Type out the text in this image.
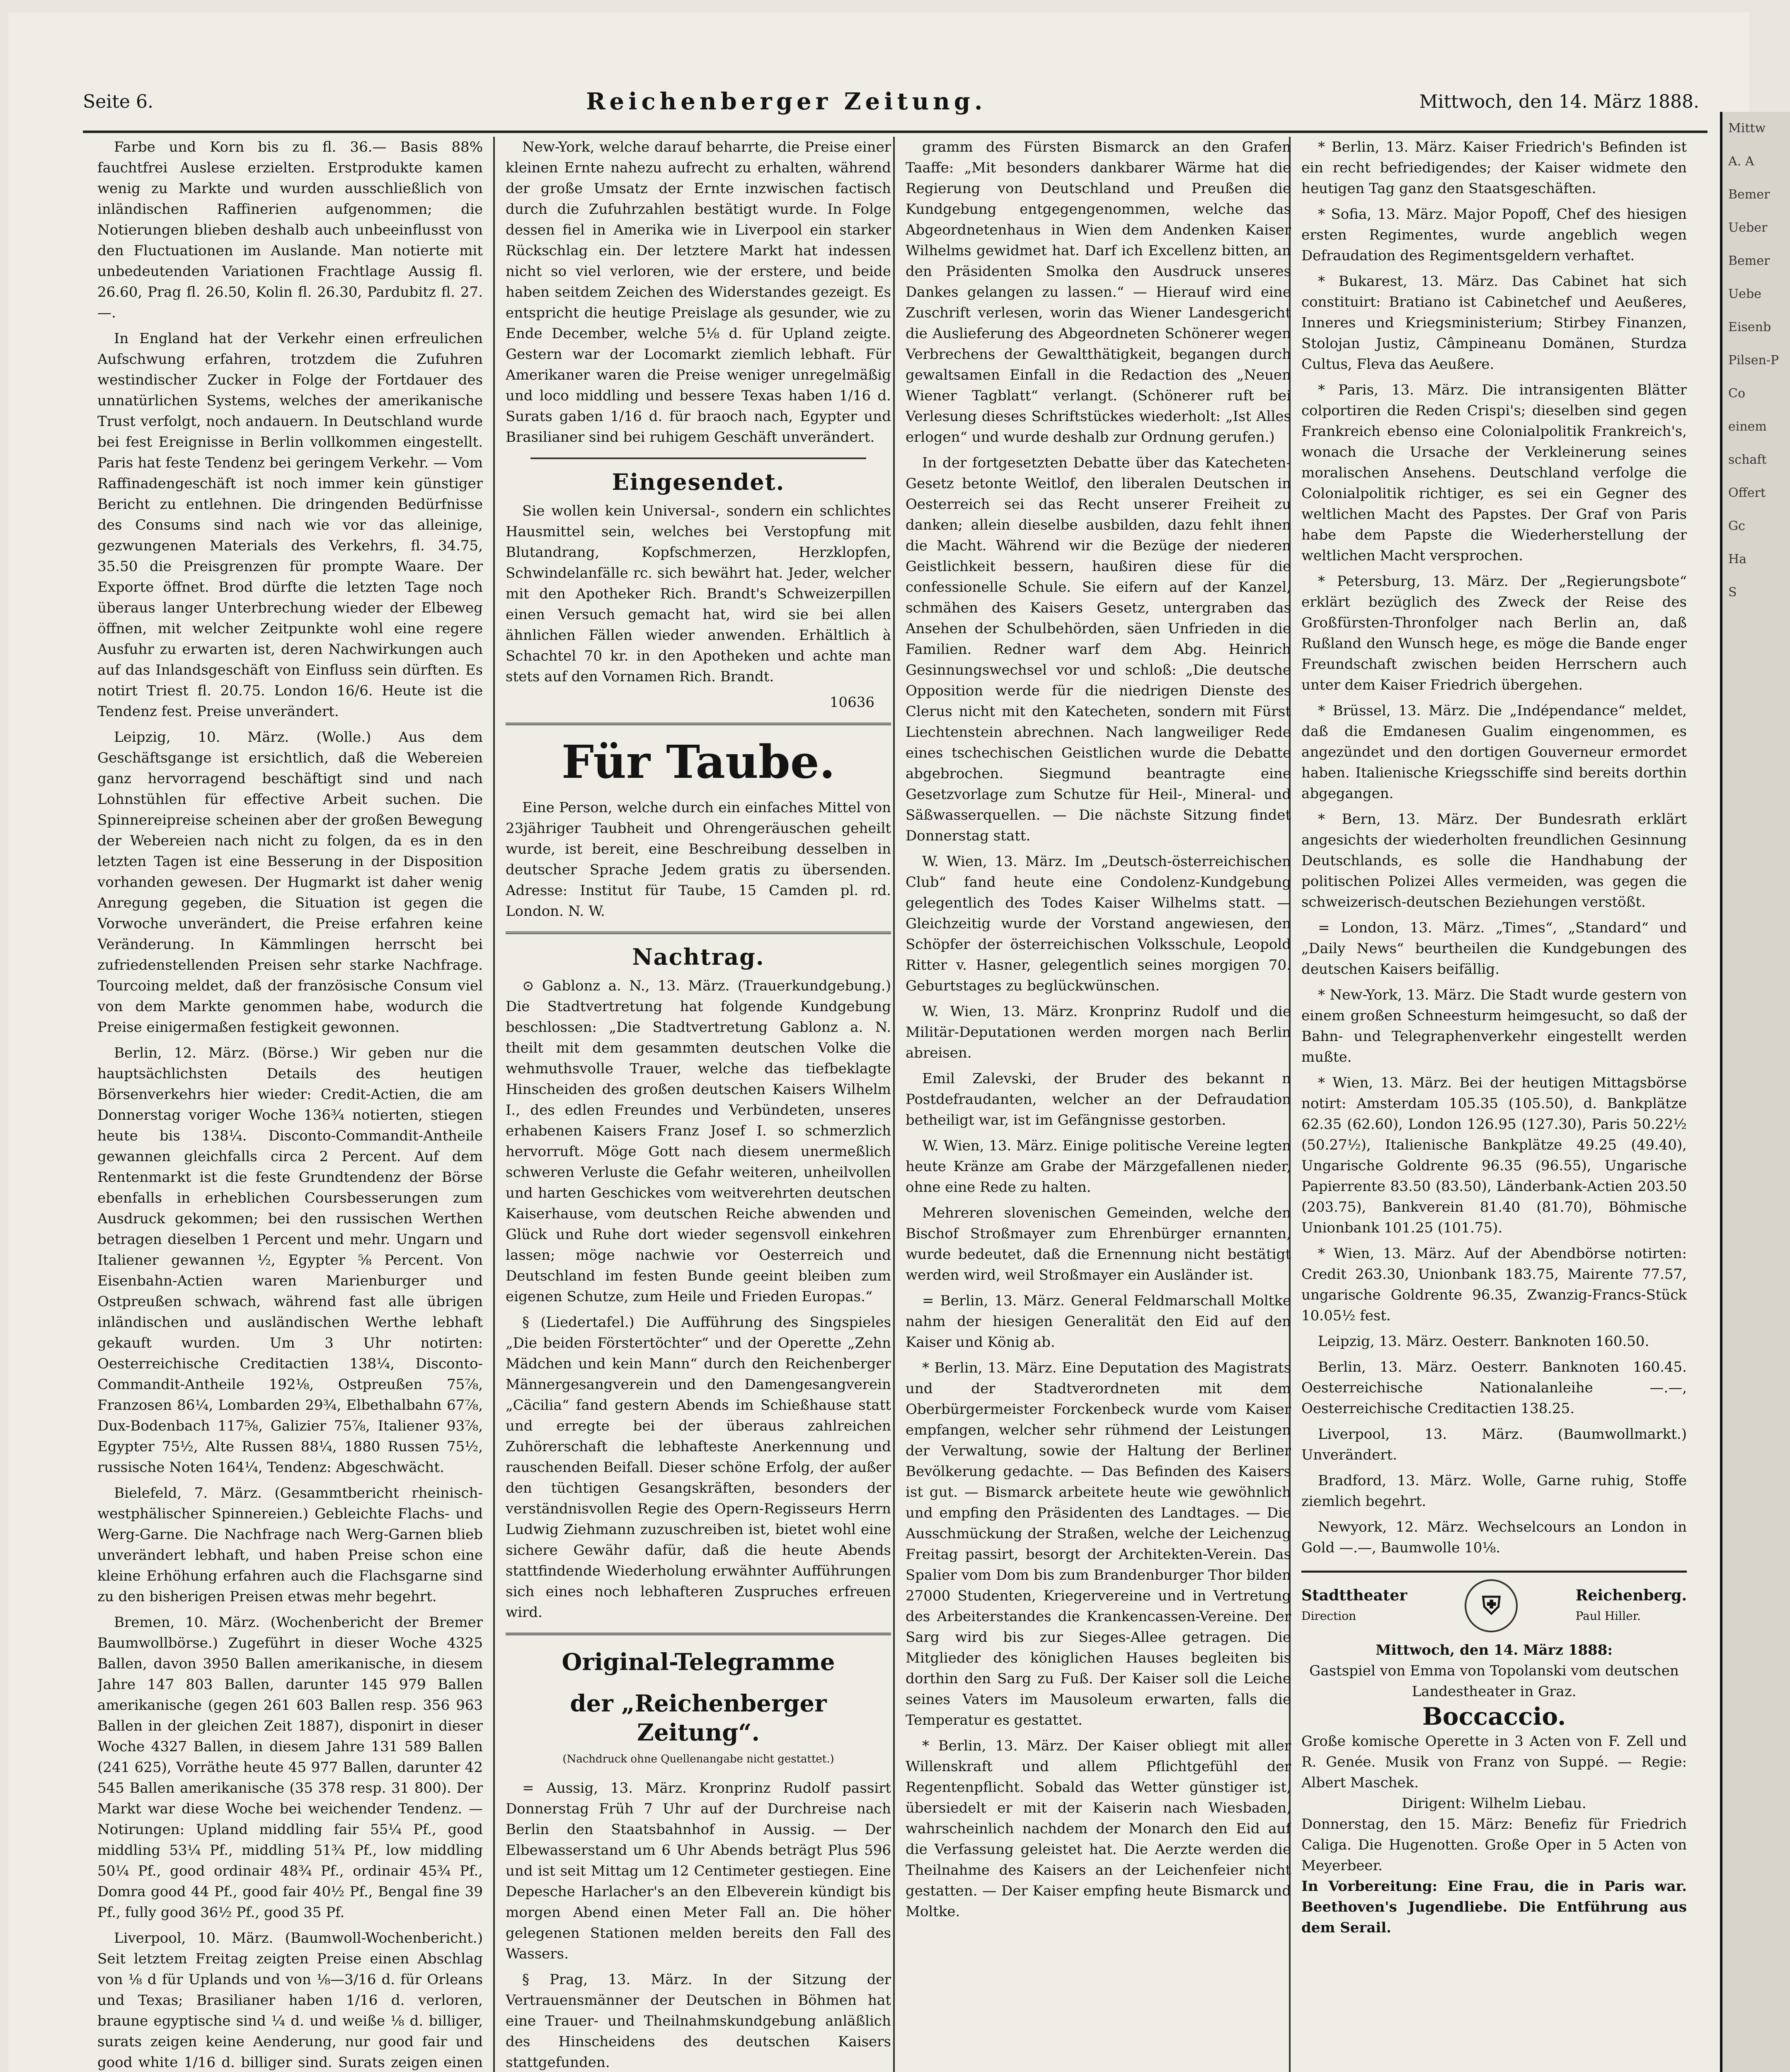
Seite 6.	Reichenberger Zeitung.	Mittwoch, den 14. März 1888.

Farbe und Korn bis zu fl. 36.— Basis 88% fauchtfrei Auslese erzielten. Erstprodukte kamen wenig zu Markte und wurden ausschließlich von inländischen Raffinerien aufgenommen; die Notierungen blieben deshalb auch unbeeinflusst von den Fluctuationen im Auslande. Man notierte mit unbedeutenden Variationen Frachtlage Aussig fl. 26.60, Prag fl. 26.50, Kolin fl. 26.30, Pardubitz fl. 27.—.

In England hat der Verkehr einen erfreulichen Aufschwung erfahren, trotzdem die Zufuhren westindischer Zucker in Folge der Fortdauer des unnatürlichen Systems, welches der amerikanische Trust verfolgt, noch andauern. In Deutschland wurde bei fest Ereignisse in Berlin vollkommen eingestellt. Paris hat feste Tendenz bei geringem Verkehr. — Vom Raffinadengeschäft ist noch immer kein günstiger Bericht zu entlehnen. Die dringenden Bedürfnisse des Consums sind nach wie vor das alleinige, gezwungenen Materials des Verkehrs, fl. 34.75, 35.50 die Preisgrenzen für prompte Waare. Der Exporte öffnet. Brod dürfte die letzten Tage noch überaus langer Unterbrechung wieder der Elbeweg öffnen, mit welcher Zeitpunkte wohl eine regere Ausfuhr zu erwarten ist, deren Nachwirkungen auch auf das Inlandsgeschäft von Einfluss sein dürften. Es notirt Triest fl. 20.75. London 16/6. Heute ist die Tendenz fest. Preise unverändert.

Leipzig, 10. März. (Wolle.) Aus dem Geschäftsgange ist ersichtlich, daß die Webereien ganz hervorragend beschäftigt sind und nach Lohnstühlen für effective Arbeit suchen. Die Spinnereipreise scheinen aber der großen Bewegung der Webereien nach nicht zu folgen, da es in den letzten Tagen ist eine Besserung in der Disposition vorhanden gewesen. Der Hugmarkt ist daher wenig Anregung gegeben, die Situation ist gegen die Vorwoche unverändert, die Preise erfahren keine Veränderung. In Kämmlingen herrscht bei zufriedenstellenden Preisen sehr starke Nachfrage. Tourcoing meldet, daß der französische Consum viel von dem Markte genommen habe, wodurch die Preise einigermaßen festigkeit gewonnen.

Berlin, 12. März. (Börse.) Wir geben nur die hauptsächlichsten Details des heutigen Börsenverkehrs hier wieder: Credit-Actien, die am Donnerstag voriger Woche 136¾ notierten, stiegen heute bis 138¼. Disconto-Commandit-Antheile gewannen gleichfalls circa 2 Percent. Auf dem Rentenmarkt ist die feste Grundtendenz der Börse ebenfalls in erheblichen Coursbesserungen zum Ausdruck gekommen; bei den russischen Werthen betragen dieselben 1 Percent und mehr. Ungarn und Italiener gewannen ½, Egypter ⅝ Percent. Von Eisenbahn-Actien waren Marienburger und Ostpreußen schwach, während fast alle übrigen inländischen und ausländischen Werthe lebhaft gekauft wurden. Um 3 Uhr notirten: Oesterreichische Creditactien 138¼, Disconto-Commandit-Antheile 192⅛, Ostpreußen 75⅞, Franzosen 86¼, Lombarden 29¾, Elbethalbahn 67⅞, Dux-Bodenbach 117⅝, Galizier 75⅞, Italiener 93⅞, Egypter 75½, Alte Russen 88¼, 1880 Russen 75½, russische Noten 164¼, Tendenz: Abgeschwächt.

Bielefeld, 7. März. (Gesammtbericht rheinisch-westphälischer Spinnereien.) Gebleichte Flachs- und Werg-Garne. Die Nachfrage nach Werg-Garnen blieb unverändert lebhaft, und haben Preise schon eine kleine Erhöhung erfahren auch die Flachsgarne sind zu den bisherigen Preisen etwas mehr begehrt.

Bremen, 10. März. (Wochenbericht der Bremer Baumwollbörse.) Zugeführt in dieser Woche 4325 Ballen, davon 3950 Ballen amerikanische, in diesem Jahre 147 803 Ballen, darunter 145 979 Ballen amerikanische (gegen 261 603 Ballen resp. 356 963 Ballen in der gleichen Zeit 1887), disponirt in dieser Woche 4327 Ballen, in diesem Jahre 131 589 Ballen (241 625), Vorräthe heute 45 977 Ballen, darunter 42 545 Ballen amerikanische (35 378 resp. 31 800). Der Markt war diese Woche bei weichender Tendenz. — Notirungen: Upland middling fair 55¼ Pf., good middling 53¼ Pf., middling 51¾ Pf., low middling 50¼ Pf., good ordinair 48¾ Pf., ordinair 45¾ Pf., Domra good 44 Pf., good fair 40½ Pf., Bengal fine 39 Pf., fully good 36½ Pf., good 35 Pf.

Liverpool, 10. März. (Baumwoll-Wochenbericht.) Seit letztem Freitag zeigten Preise einen Abschlag von ⅛ d für Uplands und von ⅛—3/16 d. für Orleans und Texas; Brasilianer haben 1/16 d. verloren, braune egyptische sind ¼ d. und weiße ⅛ d. billiger, surats zeigen keine Aenderung, nur good fair und good white 1/16 d. billiger sind. Surats zeigen einen

New-York, welche darauf beharrte, die Preise einer kleinen Ernte nahezu aufrecht zu erhalten, während der große Umsatz der Ernte inzwischen factisch durch die Zufuhrzahlen bestätigt wurde. In Folge dessen fiel in Amerika wie in Liverpool ein starker Rückschlag ein. Der letztere Markt hat indessen nicht so viel verloren, wie der erstere, und beide haben seitdem Zeichen des Widerstandes gezeigt. Es entspricht die heutige Preislage als gesunder, wie zu Ende December, welche 5⅛ d. für Upland zeigte. Gestern war der Locomarkt ziemlich lebhaft. Für Amerikaner waren die Preise weniger unregelmäßig und loco middling und bessere Texas haben 1/16 d. Surats gaben 1/16 d. für braoch nach, Egypter und Brasilianer sind bei ruhigem Geschäft unverändert.

Eingesendet.

Sie wollen kein Universal-, sondern ein schlichtes Hausmittel sein, welches bei Verstopfung mit Blutandrang, Kopfschmerzen, Herzklopfen, Schwindelanfälle rc. sich bewährt hat. Jeder, welcher mit den Apotheker Rich. Brandt's Schweizerpillen einen Versuch gemacht hat, wird sie bei allen ähnlichen Fällen wieder anwenden. Erhältlich à Schachtel 70 kr. in den Apotheken und achte man stets auf den Vornamen Rich. Brandt.

10636
Für Taube.

Eine Person, welche durch ein einfaches Mittel von 23jähriger Taubheit und Ohrengeräuschen geheilt wurde, ist bereit, eine Beschreibung desselben in deutscher Sprache Jedem gratis zu übersenden. Adresse: Institut für Taube, 15 Camden pl. rd. London. N. W.

Nachtrag.

⊙ Gablonz a. N., 13. März. (Trauerkundgebung.) Die Stadtvertretung hat folgende Kundgebung beschlossen: „Die Stadtvertretung Gablonz a. N. theilt mit dem gesammten deutschen Volke die wehmuthsvolle Trauer, welche das tiefbeklagte Hinscheiden des großen deutschen Kaisers Wilhelm I., des edlen Freundes und Verbündeten, unseres erhabenen Kaisers Franz Josef I. so schmerzlich hervorruft. Möge Gott nach diesem unermeßlich schweren Verluste die Gefahr weiteren, unheilvollen und harten Geschickes vom weitverehrten deutschen Kaiserhause, vom deutschen Reiche abwenden und Glück und Ruhe dort wieder segensvoll einkehren lassen; möge nachwie vor Oesterreich und Deutschland im festen Bunde geeint bleiben zum eigenen Schutze, zum Heile und Frieden Europas.“

§ (Liedertafel.) Die Aufführung des Singspieles „Die beiden Förstertöchter“ und der Operette „Zehn Mädchen und kein Mann“ durch den Reichenberger Männergesangverein und den Damengesangverein „Cäcilia“ fand gestern Abends im Schießhause statt und erregte bei der überaus zahlreichen Zuhörerschaft die lebhafteste Anerkennung und rauschenden Beifall. Dieser schöne Erfolg, der außer den tüchtigen Gesangskräften, besonders der verständnisvollen Regie des Opern-Regisseurs Herrn Ludwig Ziehmann zuzuschreiben ist, bietet wohl eine sichere Gewähr dafür, daß die heute Abends stattfindende Wiederholung erwähnter Aufführungen sich eines noch lebhafteren Zuspruches erfreuen wird.

Original-Telegramme
der „Reichenberger Zeitung“.
(Nachdruck ohne Quellenangabe nicht gestattet.)

= Aussig, 13. März. Kronprinz Rudolf passirt Donnerstag Früh 7 Uhr auf der Durchreise nach Berlin den Staatsbahnhof in Aussig. — Der Elbewasserstand um 6 Uhr Abends beträgt Plus 596 und ist seit Mittag um 12 Centimeter gestiegen. Eine Depesche Harlacher's an den Elbeverein kündigt bis morgen Abend einen Meter Fall an. Die höher gelegenen Stationen melden bereits den Fall des Wassers.

§ Prag, 13. März. In der Sitzung der Vertrauensmänner der Deutschen in Böhmen hat eine Trauer- und Theilnahmskundgebung anläßlich des Hinscheidens des deutschen Kaisers stattgefunden.

gramm des Fürsten Bismarck an den Grafen Taaffe: „Mit besonders dankbarer Wärme hat die Regierung von Deutschland und Preußen die Kundgebung entgegengenommen, welche das Abgeordnetenhaus in Wien dem Andenken Kaiser Wilhelms gewidmet hat. Darf ich Excellenz bitten, an den Präsidenten Smolka den Ausdruck unseres Dankes gelangen zu lassen.“ — Hierauf wird eine Zuschrift verlesen, worin das Wiener Landesgericht die Auslieferung des Abgeordneten Schönerer wegen Verbrechens der Gewaltthätigkeit, begangen durch gewaltsamen Einfall in die Redaction des „Neuen Wiener Tagblatt“ verlangt. (Schönerer ruft bei Verlesung dieses Schriftstückes wiederholt: „Ist Alles erlogen“ und wurde deshalb zur Ordnung gerufen.)

In der fortgesetzten Debatte über das Katecheten-Gesetz betonte Weitlof, den liberalen Deutschen in Oesterreich sei das Recht unserer Freiheit zu danken; allein dieselbe ausbilden, dazu fehlt ihnen die Macht. Während wir die Bezüge der niederen Geistlichkeit bessern, haußiren diese für die confessionelle Schule. Sie eifern auf der Kanzel, schmähen des Kaisers Gesetz, untergraben das Ansehen der Schulbehörden, säen Unfrieden in die Familien. Redner warf dem Abg. Heinrich Gesinnungswechsel vor und schloß: „Die deutsche Opposition werde für die niedrigen Dienste des Clerus nicht mit den Katecheten, sondern mit Fürst Liechtenstein abrechnen. Nach langweiliger Rede eines tschechischen Geistlichen wurde die Debatte abgebrochen. Siegmund beantragte eine Gesetzvorlage zum Schutze für Heil-, Mineral- und Säßwasserquellen. — Die nächste Sitzung findet Donnerstag statt.

W. Wien, 13. März. Im „Deutsch-österreichischen Club“ fand heute eine Condolenz-Kundgebung gelegentlich des Todes Kaiser Wilhelms statt. — Gleichzeitig wurde der Vorstand angewiesen, den Schöpfer der österreichischen Volksschule, Leopold Ritter v. Hasner, gelegentlich seines morgigen 70. Geburtstages zu beglückwünschen.

W. Wien, 13. März. Kronprinz Rudolf und die Militär-Deputationen werden morgen nach Berlin abreisen.

Emil Zalevski, der Bruder des bekannt n Postdefraudanten, welcher an der Defraudation betheiligt war, ist im Gefängnisse gestorben.

W. Wien, 13. März. Einige politische Vereine legten heute Kränze am Grabe der Märzgefallenen nieder, ohne eine Rede zu halten.

Mehreren slovenischen Gemeinden, welche den Bischof Stroßmayer zum Ehrenbürger ernannten, wurde bedeutet, daß die Ernennung nicht bestätigt werden wird, weil Stroßmayer ein Ausländer ist.

= Berlin, 13. März. General Feldmarschall Moltke nahm der hiesigen Generalität den Eid auf den Kaiser und König ab.

* Berlin, 13. März. Eine Deputation des Magistrats und der Stadtverordneten mit dem Oberbürgermeister Forckenbeck wurde vom Kaiser empfangen, welcher sehr rühmend der Leistungen der Verwaltung, sowie der Haltung der Berliner Bevölkerung gedachte. — Das Befinden des Kaisers ist gut. — Bismarck arbeitete heute wie gewöhnlich und empfing den Präsidenten des Landtages. — Die Ausschmückung der Straßen, welche der Leichenzug Freitag passirt, besorgt der Architekten-Verein. Das Spalier vom Dom bis zum Brandenburger Thor bilden 27000 Studenten, Kriegervereine und in Vertretung des Arbeiterstandes die Krankencassen-Vereine. Der Sarg wird bis zur Sieges-Allee getragen. Die Mitglieder des königlichen Hauses begleiten bis dorthin den Sarg zu Fuß. Der Kaiser soll die Leiche seines Vaters im Mausoleum erwarten, falls die Temperatur es gestattet.

* Berlin, 13. März. Der Kaiser obliegt mit aller Willenskraft und allem Pflichtgefühl der Regentenpflicht. Sobald das Wetter günstiger ist, übersiedelt er mit der Kaiserin nach Wiesbaden, wahrscheinlich nachdem der Monarch den Eid auf die Verfassung geleistet hat. Die Aerzte werden die Theilnahme des Kaisers an der Leichenfeier nicht gestatten. — Der Kaiser empfing heute Bismarck und Moltke.

* Berlin, 13. März. Kaiser Friedrich's Befinden ist ein recht befriedigendes; der Kaiser widmete den heutigen Tag ganz den Staatsgeschäften.

* Sofia, 13. März. Major Popoff, Chef des hiesigen ersten Regimentes, wurde angeblich wegen Defraudation des Regimentsgeldern verhaftet.

* Bukarest, 13. März. Das Cabinet hat sich constituirt: Bratiano ist Cabinetchef und Aeußeres, Inneres und Kriegsministerium; Stirbey Finanzen, Stolojan Justiz, Câmpineanu Domänen, Sturdza Cultus, Fleva das Aeußere.

* Paris, 13. März. Die intransigenten Blätter colportiren die Reden Crispi's; dieselben sind gegen Frankreich ebenso eine Colonialpolitik Frankreich's, wonach die Ursache der Verkleinerung seines moralischen Ansehens. Deutschland verfolge die Colonialpolitik richtiger, es sei ein Gegner des weltlichen Macht des Papstes. Der Graf von Paris habe dem Papste die Wiederherstellung der weltlichen Macht versprochen.

* Petersburg, 13. März. Der „Regierungsbote“ erklärt bezüglich des Zweck der Reise des Großfürsten-Thronfolger nach Berlin an, daß Rußland den Wunsch hege, es möge die Bande enger Freundschaft zwischen beiden Herrschern auch unter dem Kaiser Friedrich übergehen.

* Brüssel, 13. März. Die „Indépendance“ meldet, daß die Emdanesen Gualim eingenommen, es angezündet und den dortigen Gouverneur ermordet haben. Italienische Kriegsschiffe sind bereits dorthin abgegangen.

* Bern, 13. März. Der Bundesrath erklärt angesichts der wiederholten freundlichen Gesinnung Deutschlands, es solle die Handhabung der politischen Polizei Alles vermeiden, was gegen die schweizerisch-deutschen Beziehungen verstößt.

= London, 13. März. „Times“, „Standard“ und „Daily News“ beurtheilen die Kundgebungen des deutschen Kaisers beifällig.

* New-York, 13. März. Die Stadt wurde gestern von einem großen Schneesturm heimgesucht, so daß der Bahn- und Telegraphenverkehr eingestellt werden mußte.

* Wien, 13. März. Bei der heutigen Mittagsbörse notirt: Amsterdam 105.35 (105.50), d. Bankplätze 62.35 (62.60), London 126.95 (127.30), Paris 50.22½ (50.27½), Italienische Bankplätze 49.25 (49.40), Ungarische Goldrente 96.35 (96.55), Ungarische Papierrente 83.50 (83.50), Länderbank-Actien 203.50 (203.75), Bankverein 81.40 (81.70), Böhmische Unionbank 101.25 (101.75).

* Wien, 13. März. Auf der Abendbörse notirten: Credit 263.30, Unionbank 183.75, Mairente 77.57, ungarische Goldrente 96.35, Zwanzig-Francs-Stück 10.05½ fest.

Leipzig, 13. März. Oesterr. Banknoten 160.50.

Berlin, 13. März. Oesterr. Banknoten 160.45. Oesterreichische Nationalanleihe —.—, Oesterreichische Creditactien 138.25.

Liverpool, 13. März. (Baumwollmarkt.) Unverändert.

Bradford, 13. März. Wolle, Garne ruhig, Stoffe ziemlich begehrt.

Newyork, 12. März. Wechselcours an London in Gold —.—, Baumwolle 10⅛.

Stadttheater
Direction	⛨	Reichenberg.
Paul Hiller.
Mittwoch, den 14. März 1888:
Gastspiel von Emma von Topolanski vom deutschen Landestheater in Graz.
Boccaccio.
Große komische Operette in 3 Acten von F. Zell und R. Genée. Musik von Franz von Suppé. — Regie: Albert Maschek.
Dirigent: Wilhelm Liebau.
Donnerstag, den 15. März: Benefiz für Friedrich Caliga. Die Hugenotten. Große Oper in 5 Acten von Meyerbeer.
In Vorbereitung: Eine Frau, die in Paris war. Beethoven's Jugendliebe. Die Entführung aus dem Serail.
Mittw
A. A
Bemer
Ueber
Bemer
Uebe
Eisenb
Pilsen-P
Co
einem
schaft
Offert
Gc
Ha
S
